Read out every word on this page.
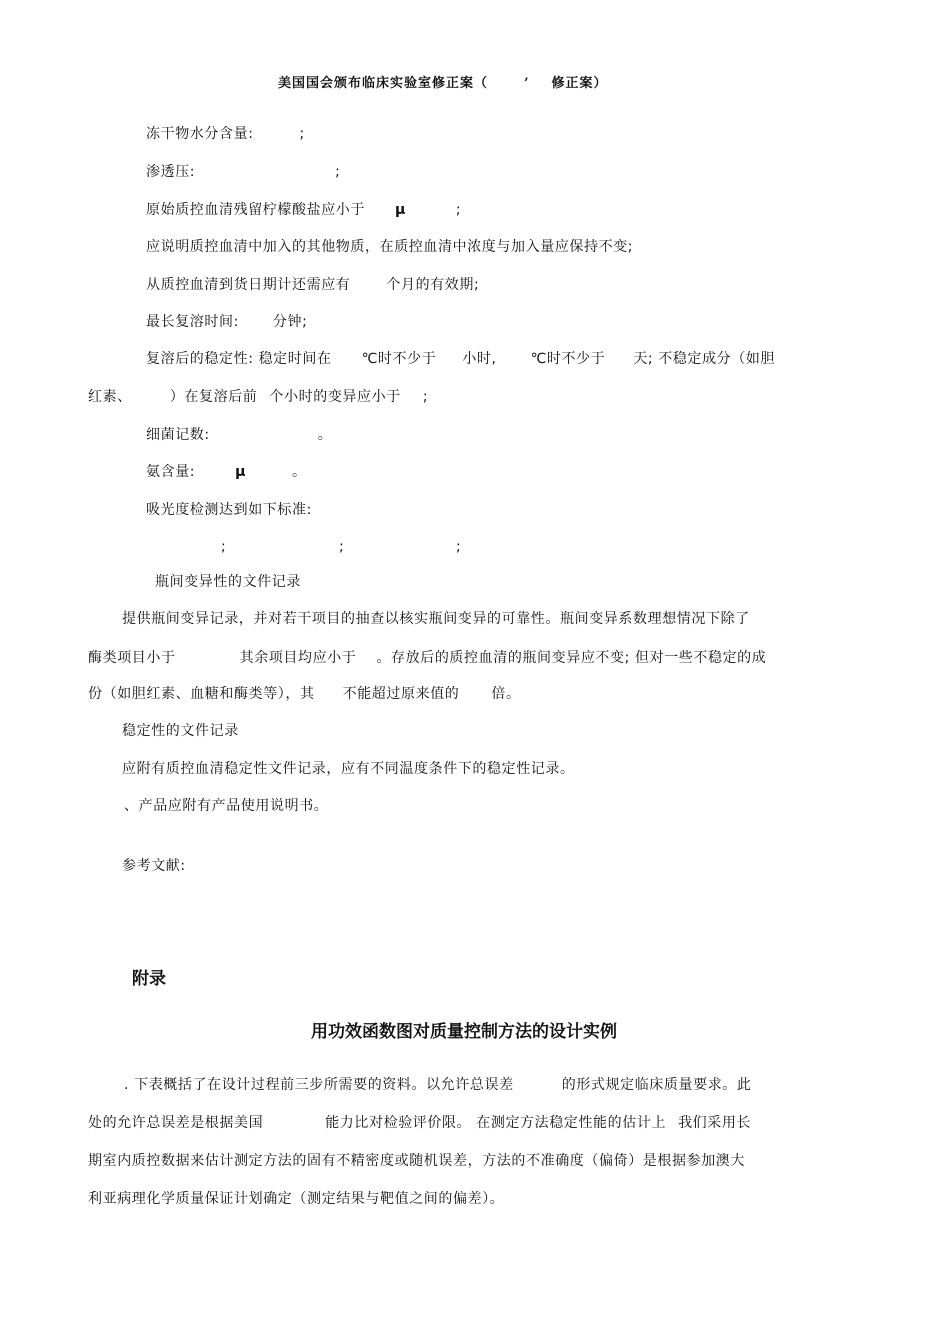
美国国会颁布临床实验室修正案（	’ 修正案）
冻干物水分含量:	;
渗透压:	;
原始质控血清残留柠檬酸盐应小于 μ	;
应说明质控血清中加入的其他物质，在质控血清中浓度与加入量应保持不变;
从质控血清到货日期计还需应有	个月的有效期;
最长复溶时间: 分钟;
复溶后的稳定性: 稳定时间在 ℃时不少于 小时, ℃时不少于 天; 不稳定成分（如胆
红素、	）在复溶后前 个小时的变异应小于 ;
细菌记数:	。
氨含量:	μ	。
吸光度检测达到如下标准:
;	;	;
瓶间变异性的文件记录
提供瓶间变异记录，并对若干项目的抽查以核实瓶间变异的可靠性。瓶间变异系数理想情况下除了
酶类项目小于	其余项目均应小于 。存放后的质控血清的瓶间变异应不变; 但对一些不稳定的成
份（如胆红素、血糖和酶类等），其 不能超过原来值的 倍。
稳定性的文件记录
应附有质控血清稳定性文件记录，应有不同温度条件下的稳定性记录。
、产品应附有产品使用说明书。
参考文献:
附录
用功效函数图对质量控制方法的设计实例
. 下表概括了在设计过程前三步所需要的资料。以允许总误差	的形式规定临床质量要求。此
处的允许总误差是根据美国	能力比对检验评价限。 在测定方法稳定性能的估计上 我们采用长
期室内质控数据来估计测定方法的固有不精密度或随机误差，方法的不准确度（偏倚）是根据参加澳大
利亚病理化学质量保证计划确定（测定结果与靶值之间的偏差）。
